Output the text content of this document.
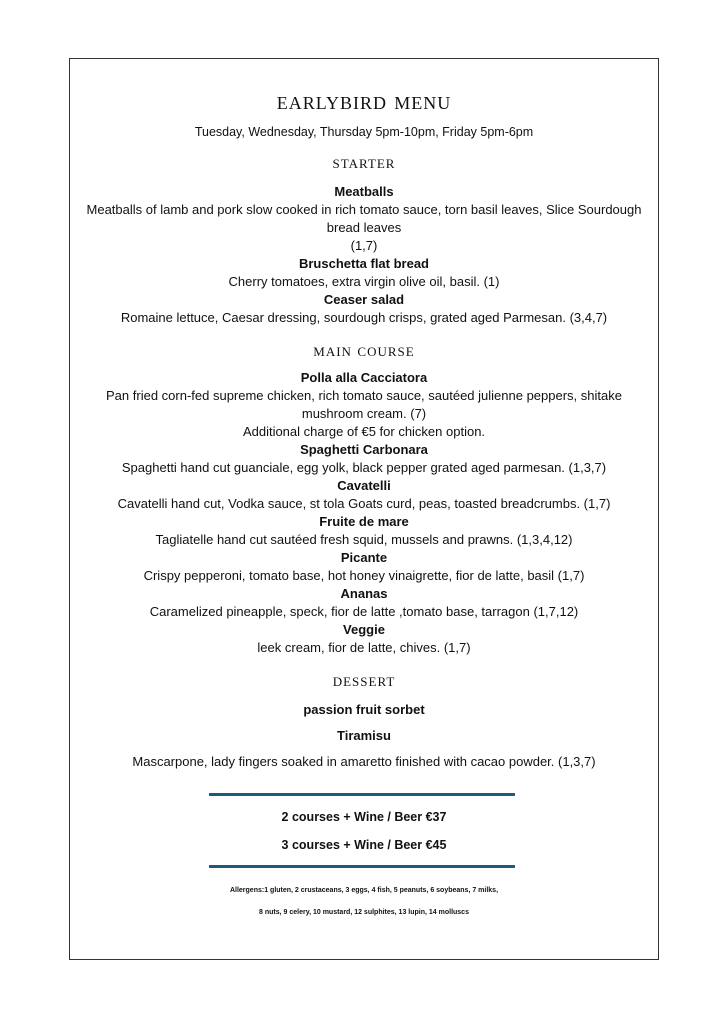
earlybird menu
Tuesday, Wednesday, Thursday 5pm-10pm, Friday 5pm-6pm
starter
Meatballs
Meatballs of lamb and pork slow cooked in rich tomato sauce, torn basil leaves, Slice Sourdough bread leaves
(1,7)
Bruschetta flat bread
Cherry tomatoes, extra virgin olive oil, basil. (1)
Ceaser salad
Romaine lettuce, Caesar dressing, sourdough crisps, grated aged Parmesan. (3,4,7)
main course
Polla alla Cacciatora
Pan fried corn-fed supreme chicken, rich tomato sauce, sautéed julienne peppers, shitake mushroom cream. (7)
Additional charge of €5 for chicken option.
Spaghetti Carbonara
Spaghetti hand cut guanciale, egg yolk, black pepper grated aged parmesan. (1,3,7)
Cavatelli
Cavatelli hand cut, Vodka sauce, st tola Goats curd, peas, toasted breadcrumbs. (1,7)
Fruite de mare
Tagliatelle hand cut sautéed fresh squid, mussels and prawns. (1,3,4,12)
Picante
Crispy pepperoni, tomato base, hot honey vinaigrette, fior de latte, basil (1,7)
Ananas
Caramelized pineapple, speck, fior de latte ,tomato base, tarragon (1,7,12)
Veggie
leek cream, fior de latte, chives. (1,7)
dessert
passion fruit sorbet
Tiramisu
Mascarpone, lady fingers soaked in amaretto finished with cacao powder. (1,3,7)
2 courses + Wine / Beer €37
3 courses + Wine / Beer €45
Allergens:1 gluten, 2 crustaceans, 3 eggs, 4 fish, 5 peanuts, 6 soybeans, 7 milks,
8 nuts, 9 celery, 10 mustard, 12 sulphites, 13 lupin, 14 molluscs
